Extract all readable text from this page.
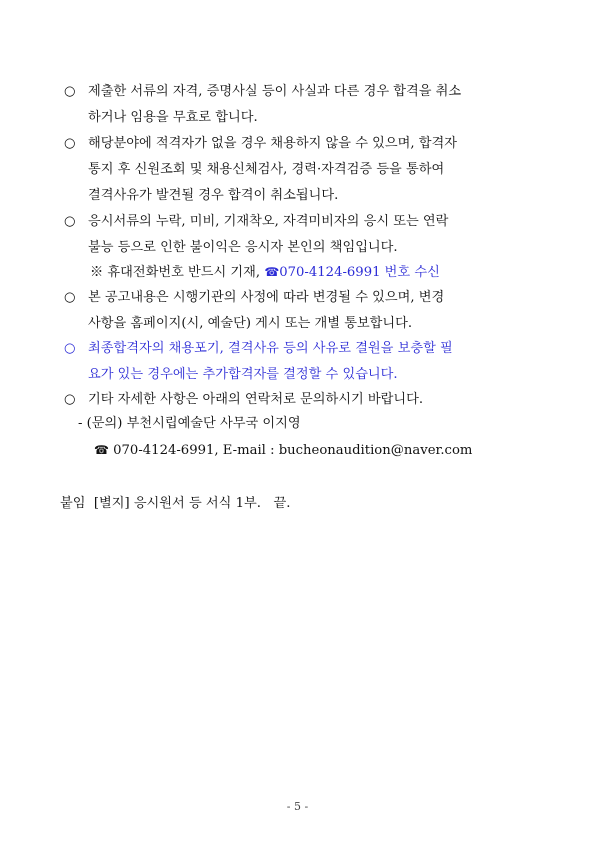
○ 제출한 서류의 자격, 증명사실 등이 사실과 다른 경우 합격을 취소
하거나 임용을 무효로 합니다.
○ 해당분야에 적격자가 없을 경우 채용하지 않을 수 있으며, 합격자
통지 후 신원조회 및 채용신체검사, 경력·자격검증 등을 통하여
결격사유가 발견될 경우 합격이 취소됩니다.
○ 응시서류의 누락, 미비, 기재착오, 자격미비자의 응시 또는 연락
불능 등으로 인한 불이익은 응시자 본인의 책임입니다.
※ 휴대전화번호 반드시 기재, ☎070-4124-6991 번호 수신
○ 본 공고내용은 시행기관의 사정에 따라 변경될 수 있으며, 변경
사항을 홈페이지(시, 예술단) 게시 또는 개별 통보합니다.
○ 최종합격자의 채용포기, 결격사유 등의 사유로 결원을 보충할 필
요가 있는 경우에는 추가합격자를 결정할 수 있습니다.
○ 기타 자세한 사항은 아래의 연락처로 문의하시기 바랍니다.
- (문의) 부천시립예술단 사무국 이지영
☎ 070-4124-6991, E-mail : bucheonaudition@naver.com
붙임  [별지] 응시원서 등 서식 1부.   끝.
- 5 -
